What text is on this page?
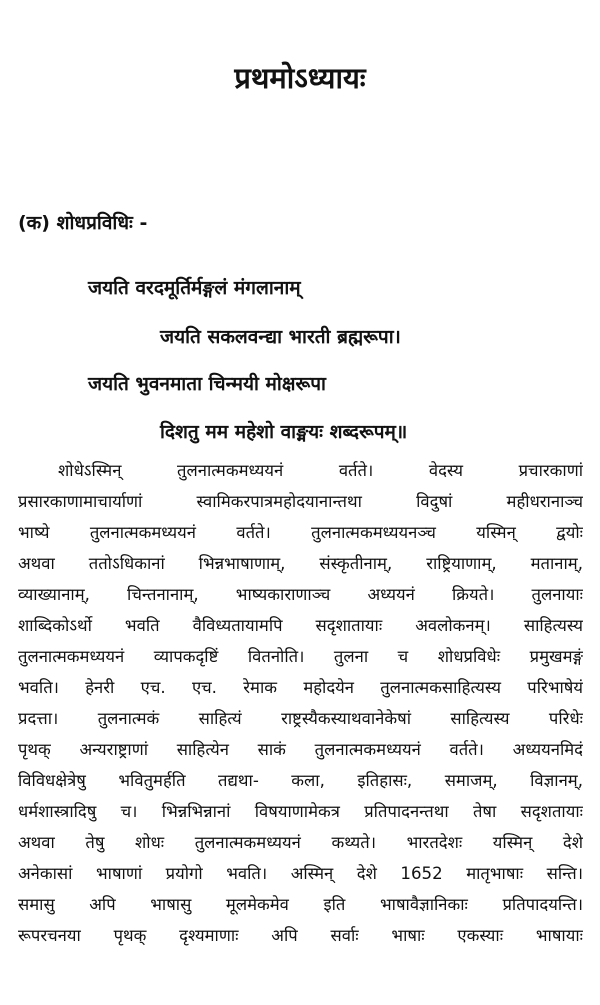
प्रथमोऽध्यायः
(क) शोधप्रविधिः -
जयति वरदमूर्तिर्मङ्गलं मंगलानाम्
जयति सकलवन्द्या भारती ब्रह्मरूपा।
जयति भुवनमाता चिन्मयी मोक्षरूपा
दिशतु मम महेशो वाङ्मयः शब्दरूपम्॥
शोधेऽस्मिन् तुलनात्मकमध्ययनं वर्तते। वेदस्य प्रचारकाणां
प्रसारकाणामाचार्याणां स्वामिकरपात्रमहोदयानान्तथा विदुषां महीधरानाञ्च
भाष्ये तुलनात्मकमध्ययनं वर्तते। तुलनात्मकमध्ययनञ्च यस्मिन् द्वयोः
अथवा ततोऽधिकानां भिन्नभाषाणाम्, संस्कृतीनाम्, राष्ट्रियाणाम्, मतानाम्,
व्याख्यानाम्, चिन्तनानाम्, भाष्यकाराणाञ्च अध्ययनं क्रियते। तुलनायाः
शाब्दिकोऽर्थो भवति वैविध्यतायामपि सदृशातायाः अवलोकनम्। साहित्यस्य
तुलनात्मकमध्ययनं व्यापकदृष्टिं वितनोति। तुलना च शोधप्रविधेः प्रमुखमङ्गं
भवति। हेनरी एच. एच. रेमाक महोदयेन तुलनात्मकसाहित्यस्य परिभाषेयं
प्रदत्ता। तुलनात्मकं साहित्यं राष्ट्रस्यैकस्याथवानेकेषां साहित्यस्य परिधेः
पृथक् अन्यराष्ट्राणां साहित्येन साकं तुलनात्मकमध्ययनं वर्तते। अध्ययनमिदं
विविधक्षेत्रेषु भवितुमर्हति तद्यथा- कला, इतिहासः, समाजम्, विज्ञानम्,
धर्मशास्त्रादिषु च। भिन्नभिन्नानां विषयाणामेकत्र प्रतिपादनन्तथा तेषा सदृशतायाः
अथवा तेषु शोधः तुलनात्मकमध्ययनं कथ्यते। भारतदेशः यस्मिन् देशे
अनेकासां भाषाणां प्रयोगो भवति। अस्मिन् देशे 1652 मातृभाषाः सन्ति।
समासु अपि भाषासु मूलमेकमेव इति भाषावैज्ञानिकाः प्रतिपादयन्ति।
रूपरचनया पृथक् दृश्यमाणाः अपि सर्वाः भाषाः एकस्याः भाषायाः
